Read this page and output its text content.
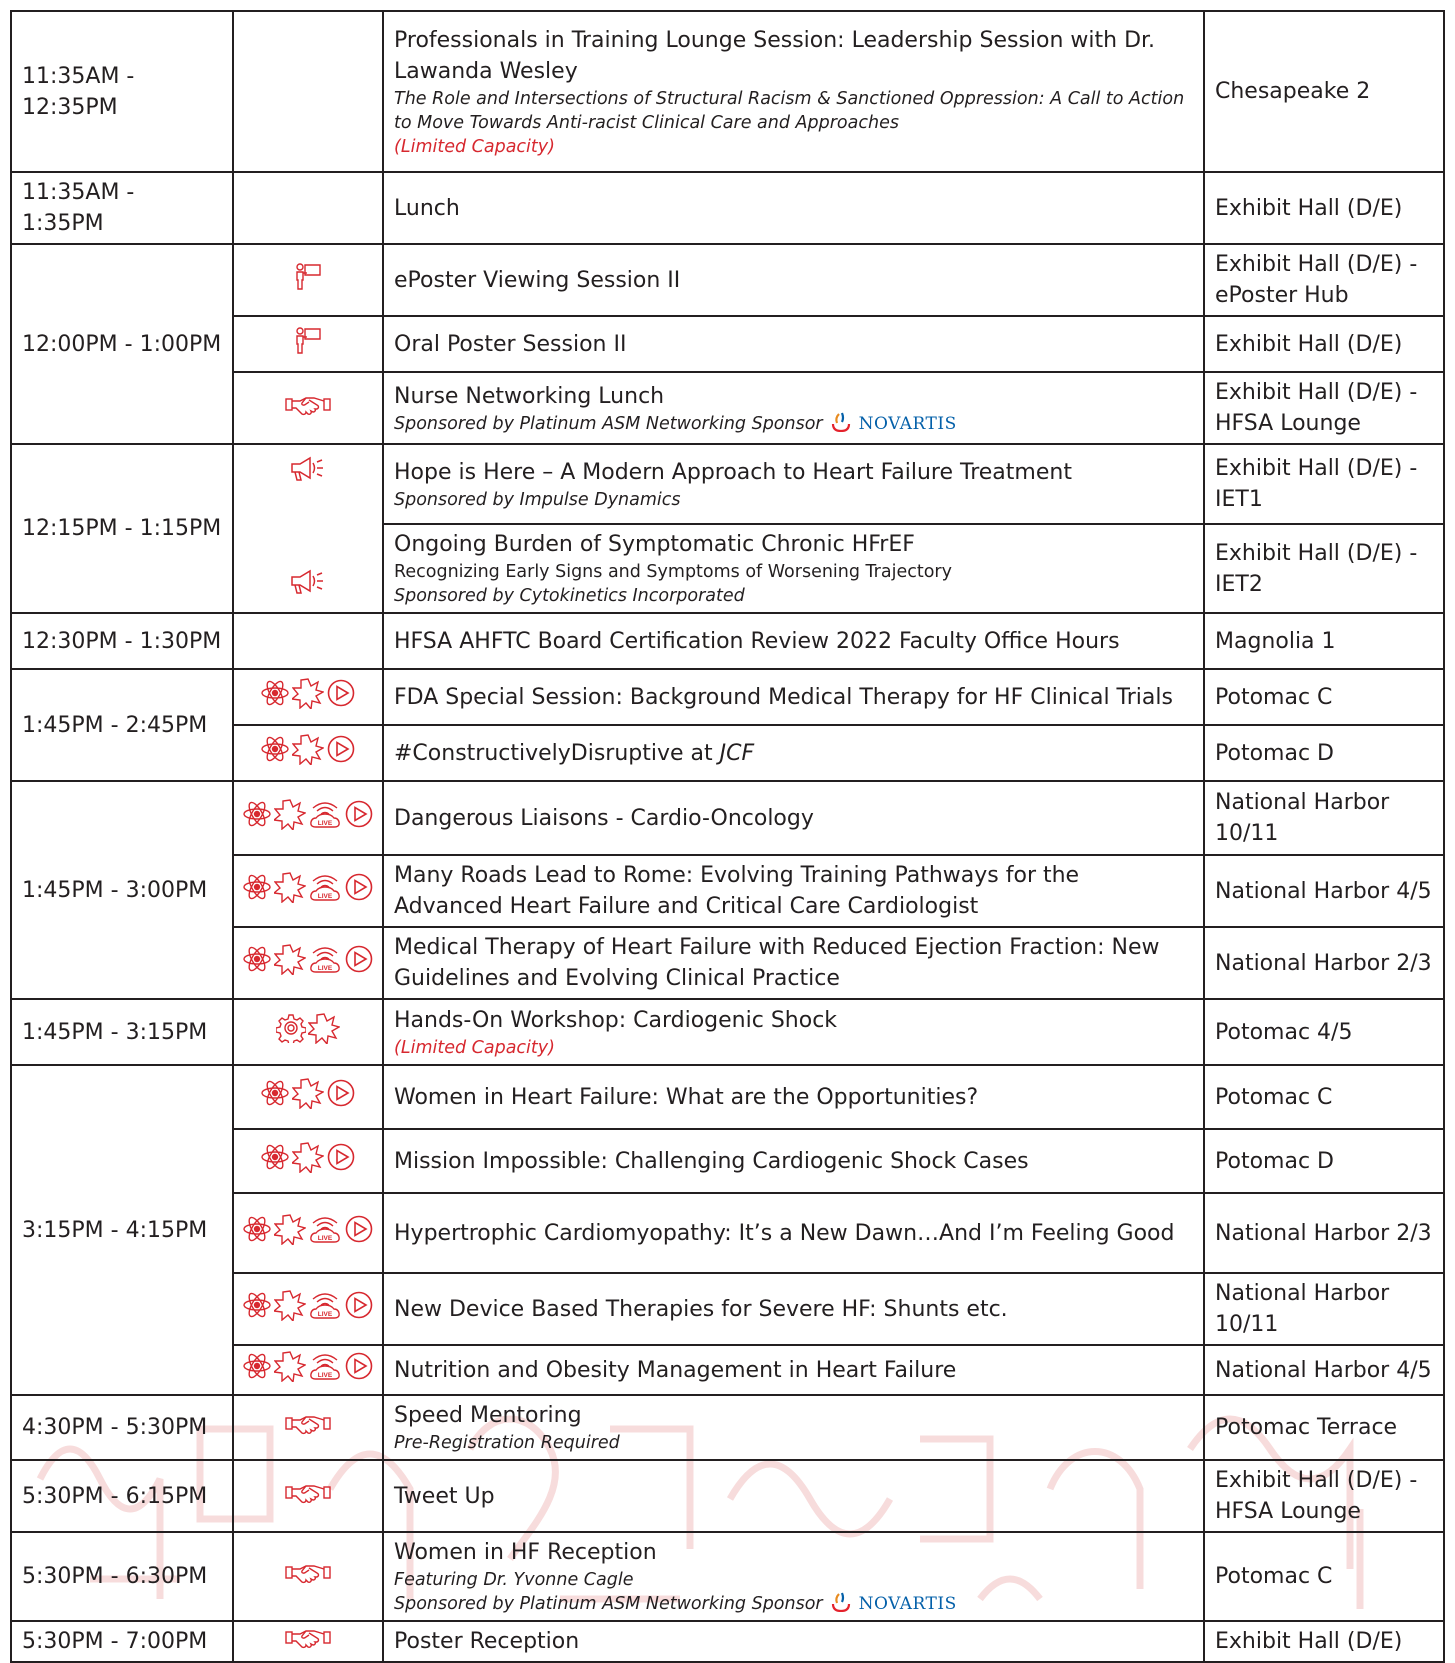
11:35AM - 12:35PM		Professionals in Training Lounge Session: Leadership Session with Dr. Lawanda Wesley
The Role and Intersections of Structural Racism & Sanctioned Oppression: A Call to Action to Move Towards Anti-racist Clinical Care and Approaches
(Limited Capacity)	Chesapeake 2
11:35AM - 1:35PM		Lunch	Exhibit Hall (D/E)
12:00PM - 1:00PM		ePoster Viewing Session II	Exhibit Hall (D/E) - ePoster Hub
	Oral Poster Session II	Exhibit Hall (D/E)
	Nurse Networking Lunch
Sponsored by Platinum ASM Networking Sponsor NOVARTIS	Exhibit Hall (D/E) - HFSA Lounge
12:15PM - 1:15PM		Hope is Here – A Modern Approach to Heart Failure Treatment
Sponsored by Impulse Dynamics	Exhibit Hall (D/E) - IET1
		Ongoing Burden of Symptomatic Chronic HFrEF
Recognizing Early Signs and Symptoms of Worsening Trajectory
Sponsored by Cytokinetics Incorporated	Exhibit Hall (D/E) - IET2
12:30PM - 1:30PM		HFSA AHFTC Board Certification Review 2022 Faculty Office Hours	Magnolia 1
1:45PM - 2:45PM		FDA Special Session: Background Medical Therapy for HF Clinical Trials	Potomac C
	#ConstructivelyDisruptive at JCF	Potomac D
1:45PM - 3:00PM	LIVE	Dangerous Liaisons - Cardio-Oncology	National Harbor 10/11

LIVE	Many Roads Lead to Rome: Evolving Training Pathways for the Advanced Heart Failure and Critical Care Cardiologist	National Harbor 4/5

LIVE	Medical Therapy of Heart Failure with Reduced Ejection Fraction: New Guidelines and Evolving Clinical Practice	National Harbor 2/3
1:45PM - 3:15PM		Hands-On Workshop: Cardiogenic Shock
(Limited Capacity)	Potomac 4/5
3:15PM - 4:15PM		Women in Heart Failure: What are the Opportunities?	Potomac C
	Mission Impossible: Challenging Cardiogenic Shock Cases	Potomac D

LIVE	Hypertrophic Cardiomyopathy: It’s a New Dawn…And I’m Feeling Good	National Harbor 2/3

LIVE	New Device Based Therapies for Severe HF: Shunts etc.	National Harbor 10/11

LIVE	Nutrition and Obesity Management in Heart Failure	National Harbor 4/5
4:30PM - 5:30PM		Speed Mentoring
Pre-Registration Required	Potomac Terrace
5:30PM - 6:15PM		Tweet Up	Exhibit Hall (D/E) - HFSA Lounge
5:30PM - 6:30PM		Women in HF Reception
Featuring Dr. Yvonne Cagle
Sponsored by Platinum ASM Networking Sponsor NOVARTIS	Potomac C
5:30PM - 7:00PM		Poster Reception	Exhibit Hall (D/E)
